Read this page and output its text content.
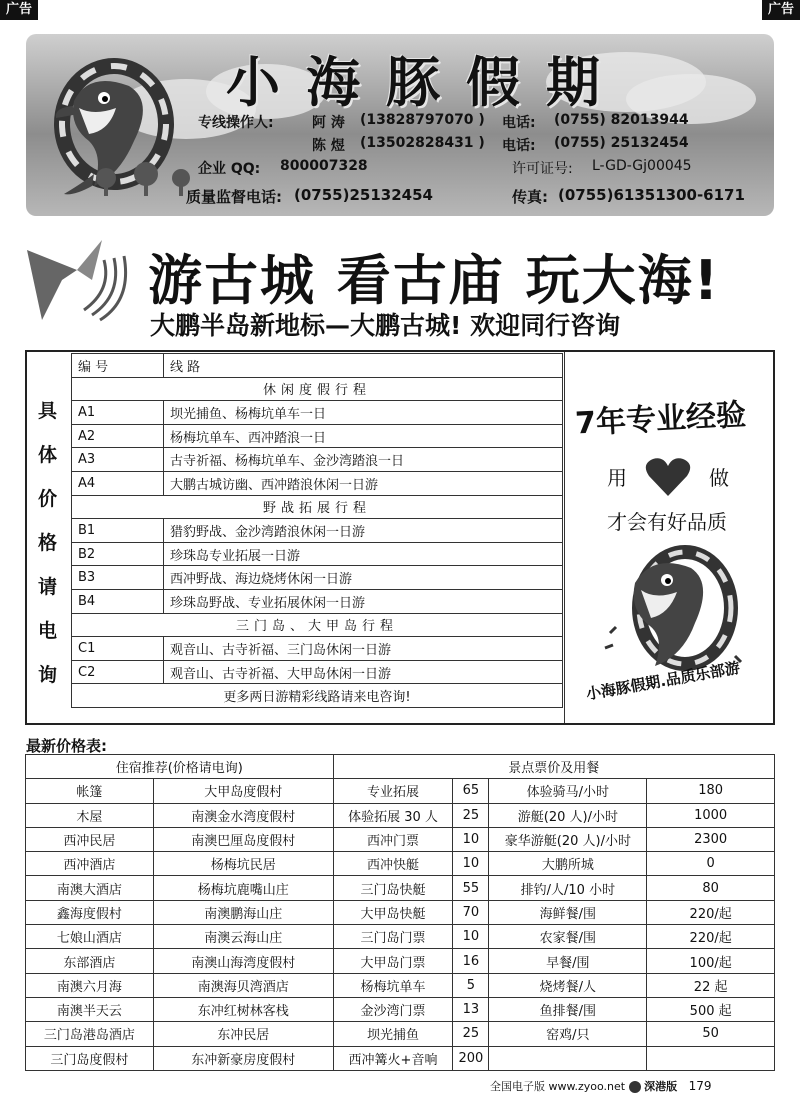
广告	广告
小海豚假期
专线操作人:	阿 涛 (13828797070 ) 电话: (0755) 82013944
陈 煜 (13502828431 ) 电话: (0755) 25132454
企业 QQ: 800007328	许可证号: L-GD-Gj00045
质量监督电话: (0755)25132454	传真: (0755)61351300-6171
游古城 看古庙 玩大海!
大鹏半岛新地标—大鹏古城! 欢迎同行咨询
具
体
价
格
请
电
询
编 号	线 路
休闲度假行程	
A1	坝光捕鱼、杨梅坑单车一日
A2	杨梅坑单车、西冲踏浪一日
A3	古寺祈福、杨梅坑单车、金沙湾踏浪一日
A4	大鹏古城访幽、西冲踏浪休闲一日游
野战拓展行程	
B1	猎豹野战、金沙湾踏浪休闲一日游
B2	珍珠岛专业拓展一日游
B3	西冲野战、海边烧烤休闲一日游
B4	珍珠岛野战、专业拓展休闲一日游
三门岛、大甲岛行程	
C1	观音山、古寺祈福、三门岛休闲一日游
C2	观音山、古寺祈福、大甲岛休闲一日游
更多两日游精彩线路请来电咨询!	
7年专业经验
用	做
才会有好品质
小海豚假期.品质乐部游
最新价格表:
住宿推荐(价格请电询)		景点票价及用餐			
帐篷	大甲岛度假村	专业拓展	65	体验骑马/小时	180
木屋	南澳金水湾度假村	体验拓展 30 人	25	游艇(20 人)/小时	1000
西冲民居	南澳巴厘岛度假村	西冲门票	10	豪华游艇(20 人)/小时	2300
西冲酒店	杨梅坑民居	西冲快艇	10	大鹏所城	0
南澳大酒店	杨梅坑鹿嘴山庄	三门岛快艇	55	排钓/人/10 小时	80
鑫海度假村	南澳鹏海山庄	大甲岛快艇	70	海鲜餐/围	220/起
七娘山酒店	南澳云海山庄	三门岛门票	10	农家餐/围	220/起
东部酒店	南澳山海湾度假村	大甲岛门票	16	早餐/围	100/起
南澳六月海	南澳海贝湾酒店	杨梅坑单车	5	烧烤餐/人	22 起
南澳半天云	东冲红树林客栈	金沙湾门票	13	鱼排餐/围	500 起
三门岛港岛酒店	东冲民居	坝光捕鱼	25	窑鸡/只	50
三门岛度假村	东冲新豪房度假村	西冲篝火+音响	200		
全国电子版 www.zyoo.net 深港版 179
